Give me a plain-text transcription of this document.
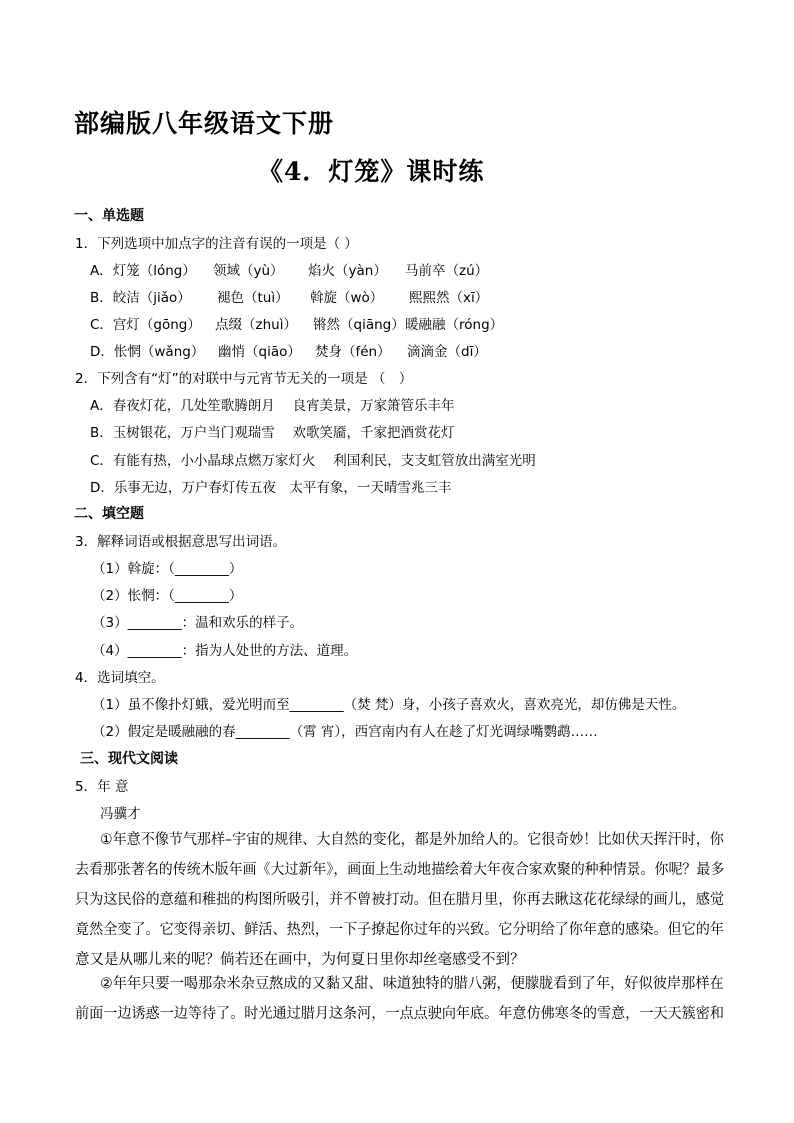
部编版八年级语文下册
《4．灯笼》课时练
一、单选题
1．下列选项中加点字的注音有误的一项是（ ）
A．灯笼（lóng） 领域（yù） 焰火（yàn） 马前卒（zú）
B．皎洁（jiǎo） 褪色（tuì） 斡旋（wò） 熙熙然（xī）
C．宫灯（gōng） 点缀（zhuì） 锵然（qiāng）暖融融（róng）
D．怅惘（wǎng） 幽悄（qiāo） 焚身（fén） 滴滴金（dī）
2．下列含有“灯”的对联中与元宵节无关的一项是 （　）
A．春夜灯花，几处笙歌腾朗月　 良宵美景，万家箫管乐丰年
B．玉树银花，万户当门观瑞雪　 欢歌笑靥，千家把酒赏花灯
C．有能有热，小小晶球点燃万家灯火　 利国利民，支支虹管放出满室光明
D．乐事无边，万户春灯传五夜　太平有象，一天晴雪兆三丰
二、填空题
3．解释词语或根据意思写出词语。
（1）斡旋：（________）
（2）怅惘：（________）
（3）________：温和欢乐的样子。
（4）________：指为人处世的方法、道理。
4．选词填空。
（1）虽不像扑灯蛾，爱光明而至________（焚 梵）身，小孩子喜欢火，喜欢亮光，却仿佛是天性。
（2）假定是暖融融的春________（霄 宵），西宫南内有人在趁了灯光调绿嘴鹦鹉……
三、现代文阅读
5．年 意
冯骥才
①年意不像节气那样–宇宙的规律、大自然的变化，都是外加给人的。它很奇妙！比如伏天挥汗时，你
去看那张著名的传统木版年画《大过新年》，画面上生动地描绘着大年夜合家欢聚的种种情景。你呢？最多
只为这民俗的意蕴和稚拙的构图所吸引，并不曾被打动。但在腊月里，你再去瞅这花花绿绿的画儿，感觉
竟然全变了。它变得亲切、鲜活、热烈，一下子撩起你过年的兴致。它分明给了你年意的感染。但它的年
意又是从哪儿来的呢？倘若还在画中，为何夏日里你却丝毫感受不到？
②年年只要一喝那杂米杂豆熬成的又黏又甜、味道独特的腊八粥，便朦胧看到了年，好似彼岸那样在
前面一边诱惑一边等待了。时光通过腊月这条河，一点点驶向年底。年意仿佛寒冬的雪意，一天天簇密和
